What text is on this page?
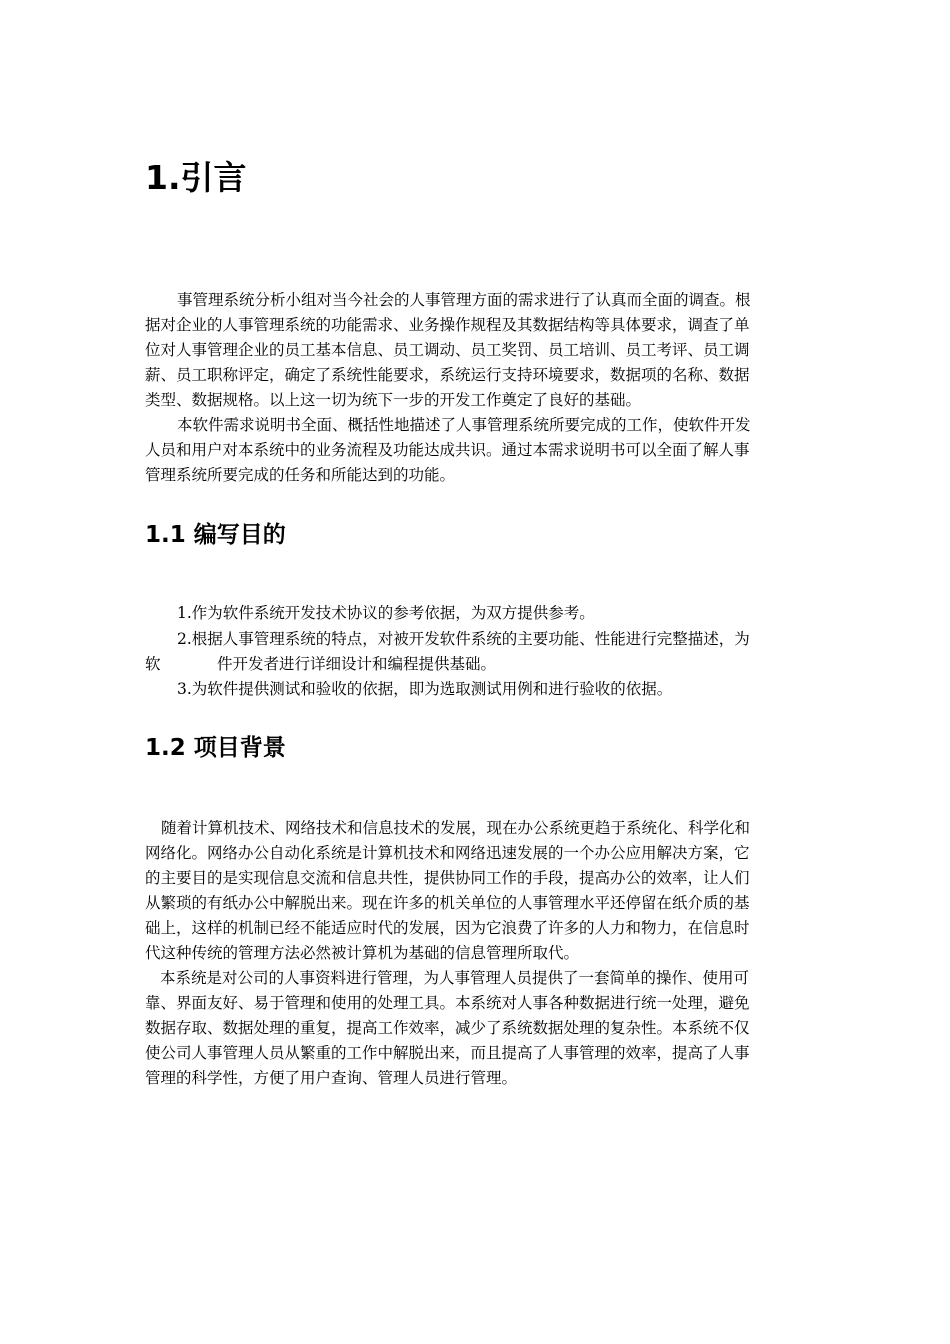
1.引言

事管理系统分析小组对当今社会的人事管理方面的需求进行了认真而全面的调查。根

据对企业的人事管理系统的功能需求、业务操作规程及其数据结构等具体要求，调查了单

位对人事管理企业的员工基本信息、员工调动、员工奖罚、员工培训、员工考评、员工调

薪、员工职称评定，确定了系统性能要求，系统运行支持环境要求，数据项的名称、数据

类型、数据规格。以上这一切为统下一步的开发工作奠定了良好的基础。

本软件需求说明书全面、概括性地描述了人事管理系统所要完成的工作，使软件开发

人员和用户对本系统中的业务流程及功能达成共识。通过本需求说明书可以全面了解人事

管理系统所要完成的任务和所能达到的功能。

1.1 编写目的

1.作为软件系统开发技术协议的参考依据，为双方提供参考。

2.根据人事管理系统的特点，对被开发软件系统的主要功能、性能进行完整描述，为

软	件开发者进行详细设计和编程提供基础。

3.为软件提供测试和验收的依据，即为选取测试用例和进行验收的依据。

1.2 项目背景

随着计算机技术、网络技术和信息技术的发展，现在办公系统更趋于系统化、科学化和

网络化。网络办公自动化系统是计算机技术和网络迅速发展的一个办公应用解决方案，它

的主要目的是实现信息交流和信息共性，提供协同工作的手段，提高办公的效率，让人们

从繁琐的有纸办公中解脱出来。现在许多的机关单位的人事管理水平还停留在纸介质的基

础上，这样的机制已经不能适应时代的发展，因为它浪费了许多的人力和物力，在信息时

代这种传统的管理方法必然被计算机为基础的信息管理所取代。

本系统是对公司的人事资料进行管理，为人事管理人员提供了一套简单的操作、使用可

靠、界面友好、易于管理和使用的处理工具。本系统对人事各种数据进行统一处理，避免

数据存取、数据处理的重复，提高工作效率，减少了系统数据处理的复杂性。本系统不仅

使公司人事管理人员从繁重的工作中解脱出来，而且提高了人事管理的效率，提高了人事

管理的科学性，方便了用户查询、管理人员进行管理。
